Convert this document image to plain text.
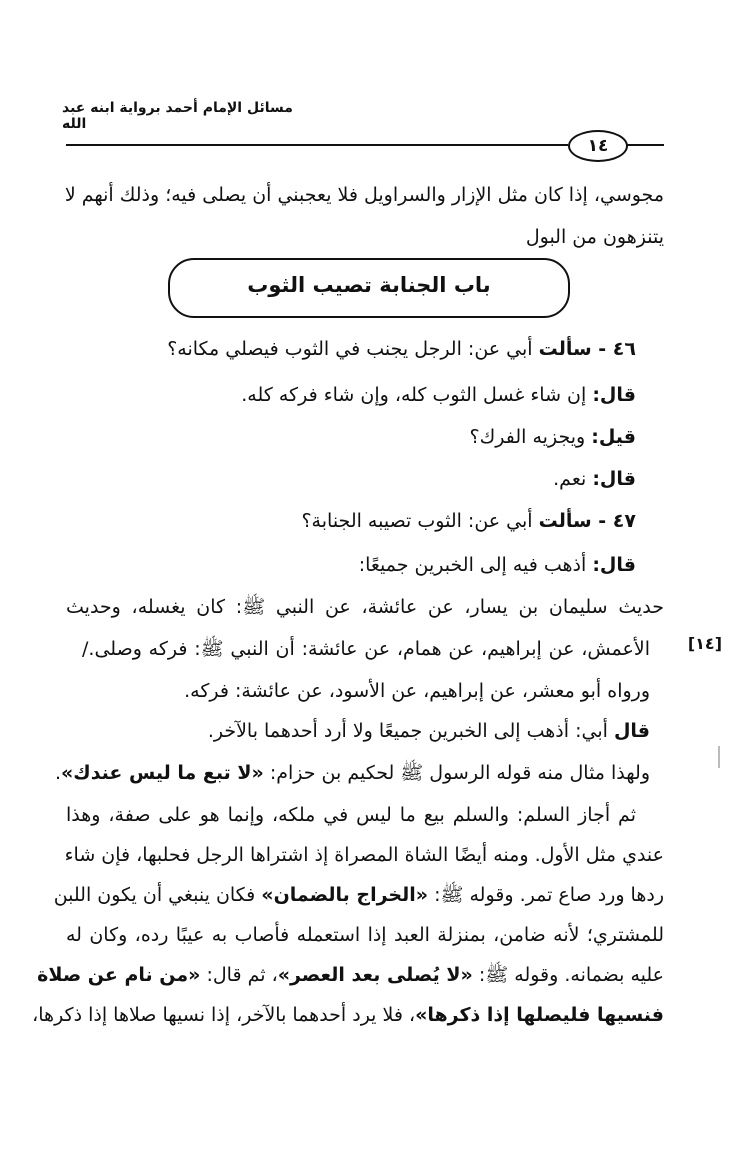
مسائل الإمام أحمد برواية ابنه عبد الله
١٤
باب الجنابة تصيب الثوب
[١٤]
مجوسي، إذا كان مثل الإزار والسراويل فلا يعجبني أن يصلى فيه؛ وذلك أنهم لا
يتنزهون من البول
٤٦ - سألت أبي عن: الرجل يجنب في الثوب فيصلي مكانه؟
قال: إن شاء غسل الثوب كله، وإن شاء فركه كله.
قيل: ويجزيه الفرك؟
قال: نعم.
٤٧ - سألت أبي عن: الثوب تصيبه الجنابة؟
قال: أذهب فيه إلى الخبرين جميعًا:
حديث سليمان بن يسار، عن عائشة، عن النبي ﷺ: كان يغسله، وحديث
الأعمش، عن إبراهيم، عن همام، عن عائشة: أن النبي ﷺ: فركه وصلى./
ورواه أبو معشر، عن إبراهيم، عن الأسود، عن عائشة: فركه.
قال أبي: أذهب إلى الخبرين جميعًا ولا أرد أحدهما بالآخر.
ولهذا مثال منه قوله الرسول ﷺ لحكيم بن حزام: «لا تبع ما ليس عندك».
ثم أجاز السلم: والسلم بيع ما ليس في ملكه، وإنما هو على صفة، وهذا
عندي مثل الأول. ومنه أيضًا الشاة المصراة إذ اشتراها الرجل فحلبها، فإن شاء
ردها ورد صاع تمر. وقوله ﷺ: «الخراج بالضمان» فكان ينبغي أن يكون اللبن
للمشتري؛ لأنه ضامن، بمنزلة العبد إذا استعمله فأصاب به عيبًا رده، وكان له
عليه بضمانه. وقوله ﷺ: «لا يُصلى بعد العصر»، ثم قال: «من نام عن صلاة
فنسيها فليصلها إذا ذكرها»، فلا يرد أحدهما بالآخر، إذا نسيها صلاها إذا ذكرها،
